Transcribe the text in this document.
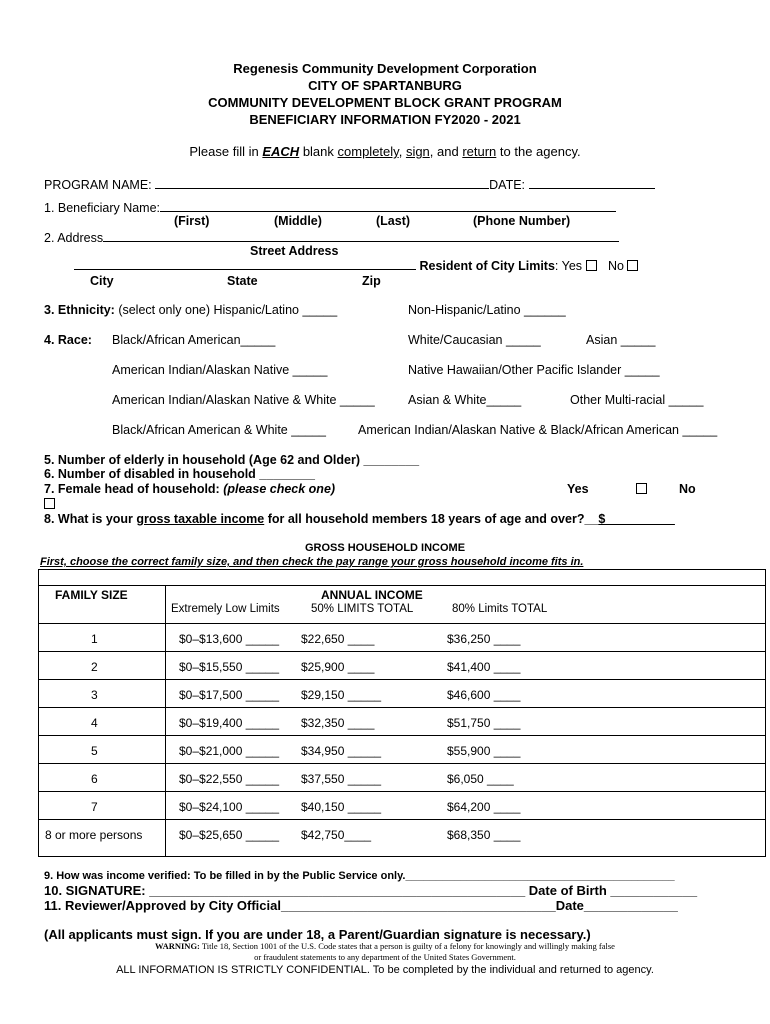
Regenesis Community Development Corporation
CITY OF SPARTANBURG
COMMUNITY DEVELOPMENT BLOCK GRANT PROGRAM
BENEFICIARY INFORMATION FY2020 - 2021
Please fill in EACH blank completely, sign, and return to the agency.
PROGRAM NAME:	DATE:
1. Beneficiary Name:
(First)	(Middle)	(Last)	(Phone Number)
2. Address
Street Address
Resident of City Limits: Yes No
City	State	Zip
3. Ethnicity: (select only one) Hispanic/Latino _____	Non-Hispanic/Latino ______
4. Race: Black/African American_____	White/Caucasian _____	Asian _____
American Indian/Alaskan Native _____	Native Hawaiian/Other Pacific Islander _____
American Indian/Alaskan Native & White _____	Asian & White_____	Other Multi-racial _____
Black/African American & White _____	American Indian/Alaskan Native & Black/African American _____
5. Number of elderly in household (Age 62 and Older) ________
6. Number of disabled in household ________
7. Female head of household: (please check one)	Yes	No
8. What is your gross taxable income for all household members 18 years of age and over?__$__________
GROSS HOUSEHOLD INCOME
First, choose the correct family size, and then check the pay range your gross household income fits in.
FAMILY SIZE	ANNUAL INCOME
Extremely Low Limits	50% LIMITS TOTAL	80% Limits TOTAL
1	$0–$13,600 _____ $22,650 ____	$36,250 ____
2	$0–$15,550 _____ $25,900 ____	$41,400 ____
3	$0–$17,500 _____ $29,150 _____	$46,600 ____
4	$0–$19,400 _____ $32,350 ____	$51,750 ____
5	$0–$21,000 _____ $34,950 _____	$55,900 ____
6	$0–$22,550 _____ $37,550 _____	$6,050 ____
7	$0–$24,100 _____ $40,150 _____	$64,200 ____
8 or more persons	$0–$25,650 _____ $42,750____	$68,350 ____
9. How was income verified: To be filled in by the Public Service only.____________________________________________
10. SIGNATURE: ____________________________________________________ Date of Birth ____________
11. Reviewer/Approved by City Official______________________________________Date_____________
(All applicants must sign. If you are under 18, a Parent/Guardian signature is necessary.)
WARNING: Title 18, Section 1001 of the U.S. Code states that a person is guilty of a felony for knowingly and willingly making false
or fraudulent statements to any department of the United States Government.
ALL INFORMATION IS STRICTLY CONFIDENTIAL. To be completed by the individual and returned to agency.
